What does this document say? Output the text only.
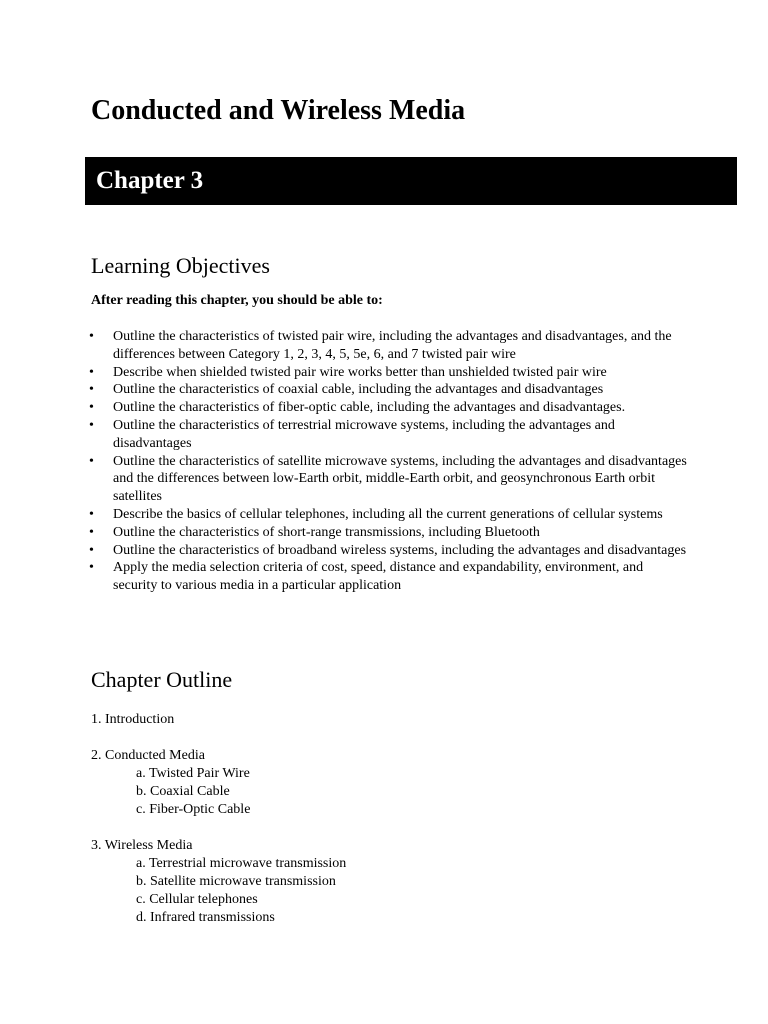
Conducted and Wireless Media
Chapter 3
Learning Objectives

After reading this chapter, you should be able to:

• Outline the characteristics of twisted pair wire, including the advantages and disadvantages, and the differences between Category 1, 2, 3, 4, 5, 5e, 6, and 7 twisted pair wire
• Describe when shielded twisted pair wire works better than unshielded twisted pair wire
• Outline the characteristics of coaxial cable, including the advantages and disadvantages
• Outline the characteristics of fiber-optic cable, including the advantages and disadvantages.
• Outline the characteristics of terrestrial microwave systems, including the advantages and disadvantages
• Outline the characteristics of satellite microwave systems, including the advantages and disadvantages and the differences between low-Earth orbit, middle-Earth orbit, and geosynchronous Earth orbit satellites
• Describe the basics of cellular telephones, including all the current generations of cellular systems
• Outline the characteristics of short-range transmissions, including Bluetooth
• Outline the characteristics of broadband wireless systems, including the advantages and disadvantages
• Apply the media selection criteria of cost, speed, distance and expandability, environment, and security to various media in a particular application
Chapter Outline
1. Introduction
2. Conducted Media
a. Twisted Pair Wire
b. Coaxial Cable
c. Fiber-Optic Cable
3. Wireless Media
a. Terrestrial microwave transmission
b. Satellite microwave transmission
c. Cellular telephones
d. Infrared transmissions
